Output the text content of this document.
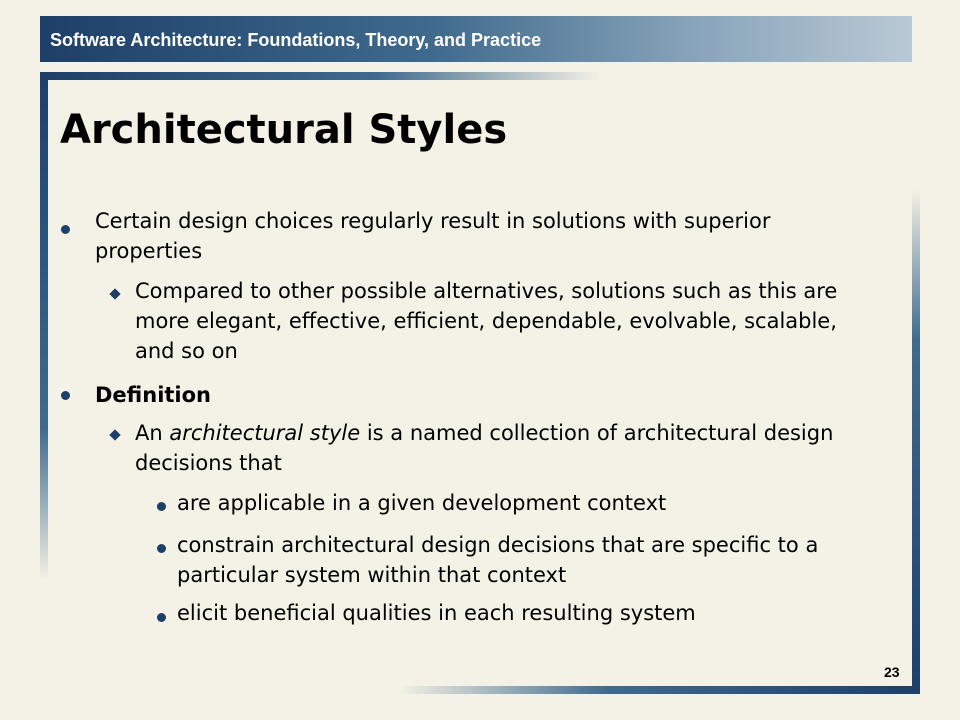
Software Architecture: Foundations, Theory, and Practice
Architectural Styles
Certain design choices regularly result in solutions with superior properties
Compared to other possible alternatives, solutions such as this are more elegant, effective, efficient, dependable, evolvable, scalable, and so on
Definition
An architectural style is a named collection of architectural design decisions that
are applicable in a given development context
constrain architectural design decisions that are specific to a particular system within that context
elicit beneficial qualities in each resulting system
23
